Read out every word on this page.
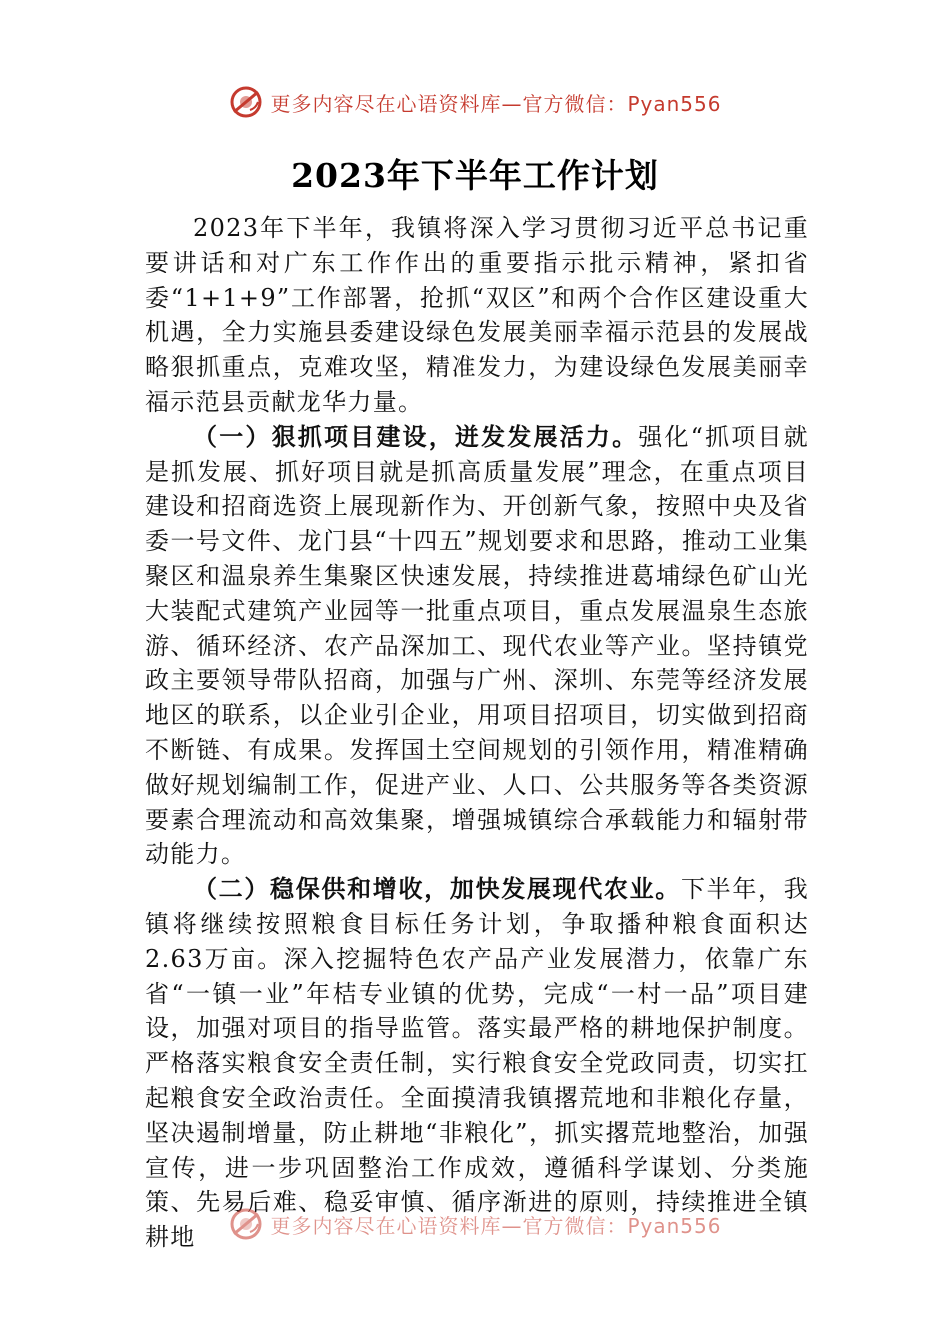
更多内容尽在心语资料库—官方微信：Pyan556
2023年下半年工作计划

2023年下半年，我镇将深入学习贯彻习近平总书记重要讲话和对广东工作作出的重要指示批示精神，紧扣省委“1+1+9”工作部署，抢抓“双区”和两个合作区建设重大机遇，全力实施县委建设绿色发展美丽幸福示范县的发展战略狠抓重点，克难攻坚，精准发力，为建设绿色发展美丽幸福示范县贡献龙华力量。

（一）狠抓项目建设，迸发发展活力。强化“抓项目就是抓发展、抓好项目就是抓高质量发展”理念，在重点项目建设和招商选资上展现新作为、开创新气象，按照中央及省委一号文件、龙门县“十四五”规划要求和思路，推动工业集聚区和温泉养生集聚区快速发展，持续推进葛埔绿色矿山光大装配式建筑产业园等一批重点项目，重点发展温泉生态旅游、循环经济、农产品深加工、现代农业等产业。坚持镇党政主要领导带队招商，加强与广州、深圳、东莞等经济发展地区的联系，以企业引企业，用项目招项目，切实做到招商不断链、有成果。发挥国土空间规划的引领作用，精准精确做好规划编制工作，促进产业、人口、公共服务等各类资源要素合理流动和高效集聚，增强城镇综合承载能力和辐射带动能力。

（二）稳保供和增收，加快发展现代农业。下半年，我镇将继续按照粮食目标任务计划，争取播种粮食面积达2.63万亩。深入挖掘特色农产品产业发展潜力，依靠广东省“一镇一业”年桔专业镇的优势，完成“一村一品”项目建设，加强对项目的指导监管。落实最严格的耕地保护制度。严格落实粮食安全责任制，实行粮食安全党政同责，切实扛起粮食安全政治责任。全面摸清我镇撂荒地和非粮化存量，坚决遏制增量，防止耕地“非粮化”，抓实撂荒地整治，加强宣传，进一步巩固整治工作成效，遵循科学谋划、分类施策、先易后难、稳妥审慎、循序渐进的原则，持续推进全镇耕地	更多内容尽在心语资料库—官方微信：Pyan556
